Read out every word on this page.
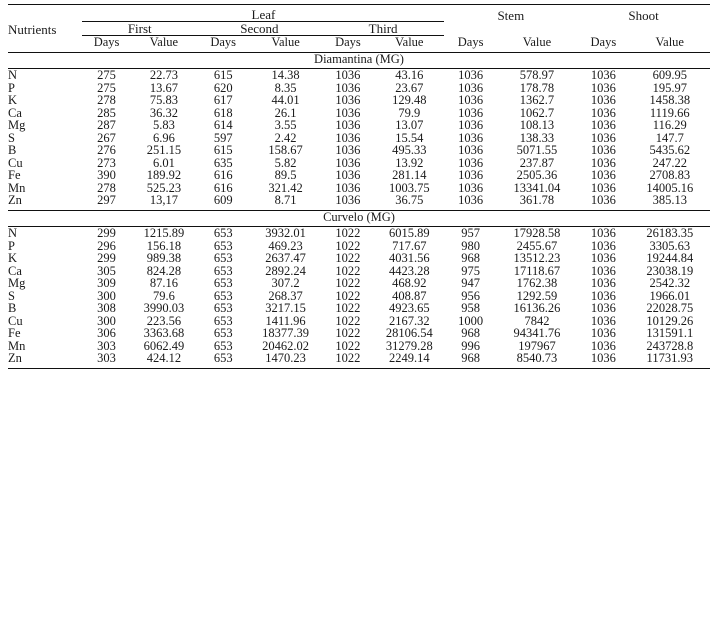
Nutrients	Leaf						Stem		Shoot	
	First		Second		Third					
	Days	Value	Days	Value	Days	Value	Days	Value	Days	Value

Diamantina (MG)										

N	275	22.73	615	14.38	1036	43.16	1036	578.97	1036	609.95
P	275	13.67	620	8.35	1036	23.67	1036	178.78	1036	195.97
K	278	75.83	617	44.01	1036	129.48	1036	1362.7	1036	1458.38
Ca	285	36.32	618	26.1	1036	79.9	1036	1062.7	1036	1119.66
Mg	287	5.83	614	3.55	1036	13.07	1036	108.13	1036	116.29
S	267	6.96	597	2.42	1036	15.54	1036	138.33	1036	147.7
B	276	251.15	615	158.67	1036	495.33	1036	5071.55	1036	5435.62
Cu	273	6.01	635	5.82	1036	13.92	1036	237.87	1036	247.22
Fe	390	189.92	616	89.5	1036	281.14	1036	2505.36	1036	2708.83
Mn	278	525.23	616	321.42	1036	1003.75	1036	13341.04	1036	14005.16
Zn	297	13,17	609	8.71	1036	36.75	1036	361.78	1036	385.13

Curvelo (MG)										

N	299	1215.89	653	3932.01	1022	6015.89	957	17928.58	1036	26183.35
P	296	156.18	653	469.23	1022	717.67	980	2455.67	1036	3305.63
K	299	989.38	653	2637.47	1022	4031.56	968	13512.23	1036	19244.84
Ca	305	824.28	653	2892.24	1022	4423.28	975	17118.67	1036	23038.19
Mg	309	87.16	653	307.2	1022	468.92	947	1762.38	1036	2542.32
S	300	79.6	653	268.37	1022	408.87	956	1292.59	1036	1966.01
B	308	3990.03	653	3217.15	1022	4923.65	958	16136.26	1036	22028.75
Cu	300	223.56	653	1411.96	1022	2167.32	1000	7842	1036	10129.26
Fe	306	3363.68	653	18377.39	1022	28106.54	968	94341.76	1036	131591.1
Mn	303	6062.49	653	20462.02	1022	31279.28	996	197967	1036	243728.8
Zn	303	424.12	653	1470.23	1022	2249.14	968	8540.73	1036	11731.93
